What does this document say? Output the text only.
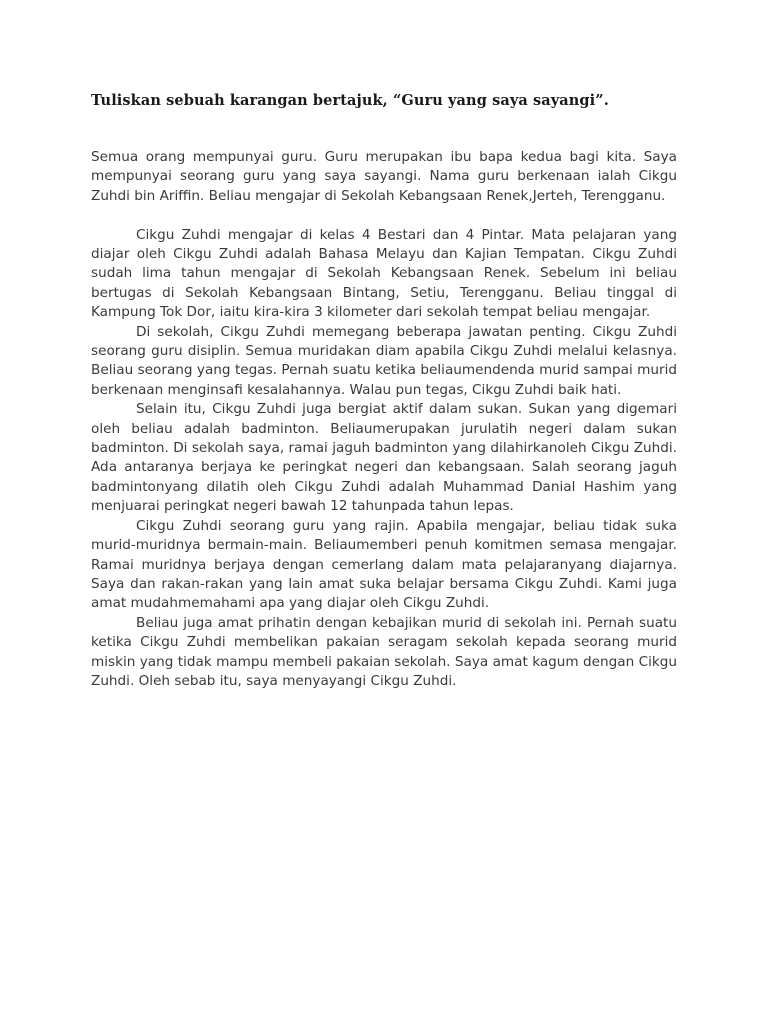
Tuliskan sebuah karangan bertajuk, “Guru yang saya sayangi”.

Semua orang mempunyai guru. Guru merupakan ibu bapa kedua bagi kita. Saya mempunyai seorang guru yang saya sayangi. Nama guru berkenaan ialah Cikgu Zuhdi bin Ariffin. Beliau mengajar di Sekolah Kebangsaan Renek,Jerteh, Terengganu.

Cikgu Zuhdi mengajar di kelas 4 Bestari dan 4 Pintar. Mata pelajaran yang diajar oleh Cikgu Zuhdi adalah Bahasa Melayu dan Kajian Tempatan. Cikgu Zuhdi sudah lima tahun mengajar di Sekolah Kebangsaan Renek. Sebelum ini beliau bertugas di Sekolah Kebangsaan Bintang, Setiu, Terengganu. Beliau tinggal di Kampung Tok Dor, iaitu kira-kira 3 kilometer dari sekolah tempat beliau mengajar.

Di sekolah, Cikgu Zuhdi memegang beberapa jawatan penting. Cikgu Zuhdi seorang guru disiplin. Semua muridakan diam apabila Cikgu Zuhdi melalui kelasnya. Beliau seorang yang tegas. Pernah suatu ketika beliaumendenda murid sampai murid berkenaan menginsafi kesalahannya. Walau pun tegas, Cikgu Zuhdi baik hati.

Selain itu, Cikgu Zuhdi juga bergiat aktif dalam sukan. Sukan yang digemari oleh beliau adalah badminton. Beliaumerupakan jurulatih negeri dalam sukan badminton. Di sekolah saya, ramai jaguh badminton yang dilahirkanoleh Cikgu Zuhdi. Ada antaranya berjaya ke peringkat negeri dan kebangsaan. Salah seorang jaguh badmintonyang dilatih oleh Cikgu Zuhdi adalah Muhammad Danial Hashim yang menjuarai peringkat negeri bawah 12 tahunpada tahun lepas.

Cikgu Zuhdi seorang guru yang rajin. Apabila mengajar, beliau tidak suka murid-muridnya bermain-main. Beliaumemberi penuh komitmen semasa mengajar. Ramai muridnya berjaya dengan cemerlang dalam mata pelajaranyang diajarnya. Saya dan rakan-rakan yang lain amat suka belajar bersama Cikgu Zuhdi. Kami juga amat mudahmemahami apa yang diajar oleh Cikgu Zuhdi.

Beliau juga amat prihatin dengan kebajikan murid di sekolah ini. Pernah suatu ketika Cikgu Zuhdi membelikan pakaian seragam sekolah kepada seorang murid miskin yang tidak mampu membeli pakaian sekolah. Saya amat kagum dengan Cikgu Zuhdi. Oleh sebab itu, saya menyayangi Cikgu Zuhdi.
